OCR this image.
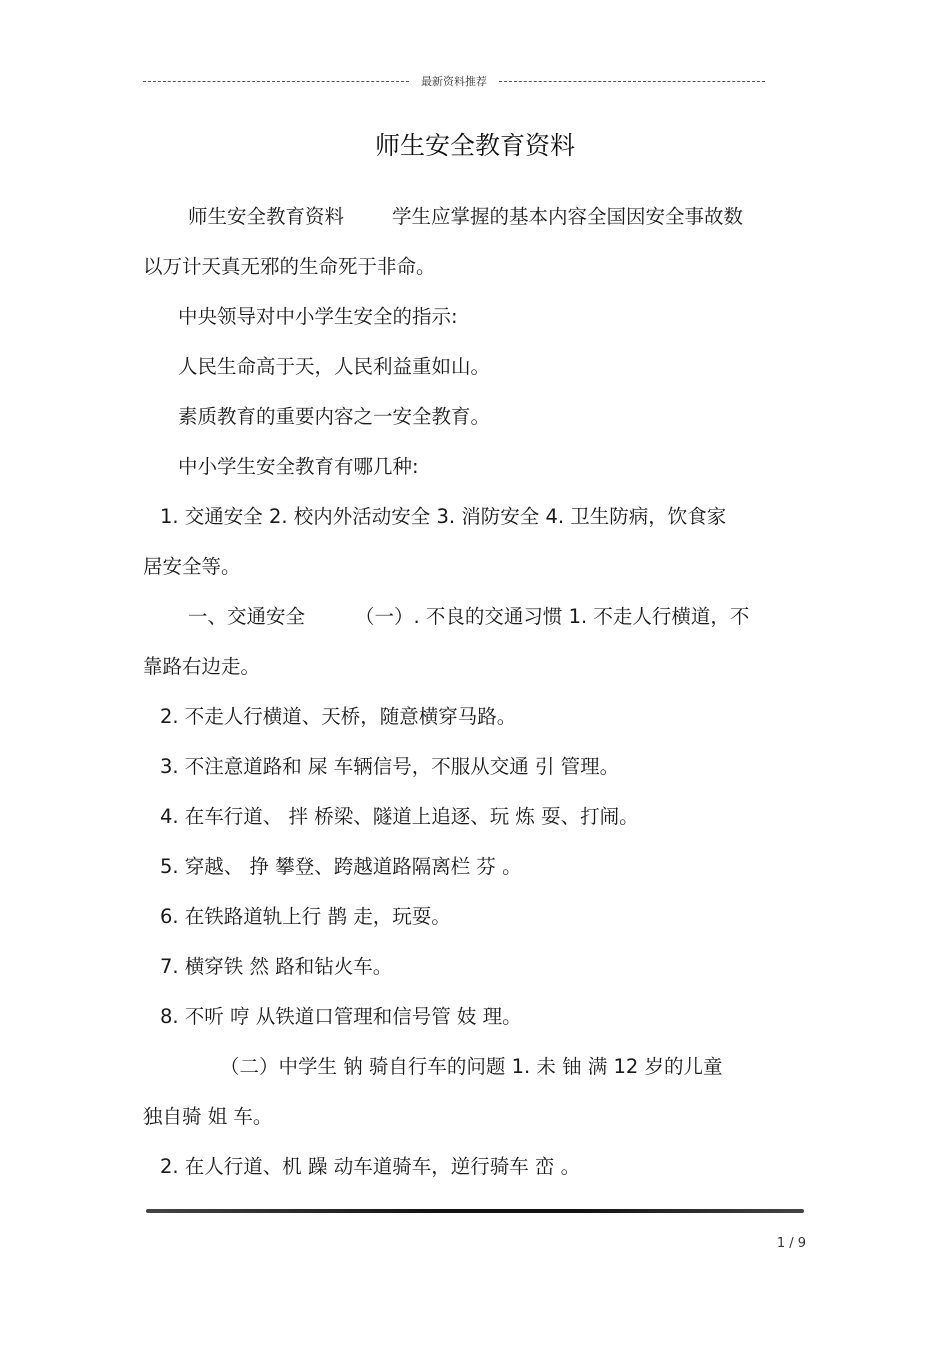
最新资料推荐
师生安全教育资料
师生安全教育资料 学生应掌握的基本内容全国因安全事故数
以万计天真无邪的生命死于非命。
中央领导对中小学生安全的指示:
人民生命高于天，人民利益重如山。
素质教育的重要内容之一安全教育。
中小学生安全教育有哪几种:
1. 交通安全 2. 校内外活动安全 3. 消防安全 4. 卫生防病，饮食家
居安全等。
一、交通安全	（一）. 不良的交通习惯 1. 不走人行横道，不
靠路右边走。
2. 不走人行横道、天桥，随意横穿马路。
3. 不注意道路和 屎 车辆信号，不服从交通 引 管理。
4. 在车行道、 拌 桥梁、隧道上追逐、玩 炼 耍、打闹。
5. 穿越、 挣 攀登、跨越道路隔离栏 芬 。
6. 在铁路道轨上行 鹊 走，玩耍。
7. 横穿铁 然 路和钻火车。
8. 不听 哼 从铁道口管理和信号管 妓 理。
（二）中学生 钠 骑自行车的问题 1. 未 铀 满 12 岁的儿童
独自骑 姐 车。
2. 在人行道、机 躁 动车道骑车，逆行骑车 峦 。
1 / 9
